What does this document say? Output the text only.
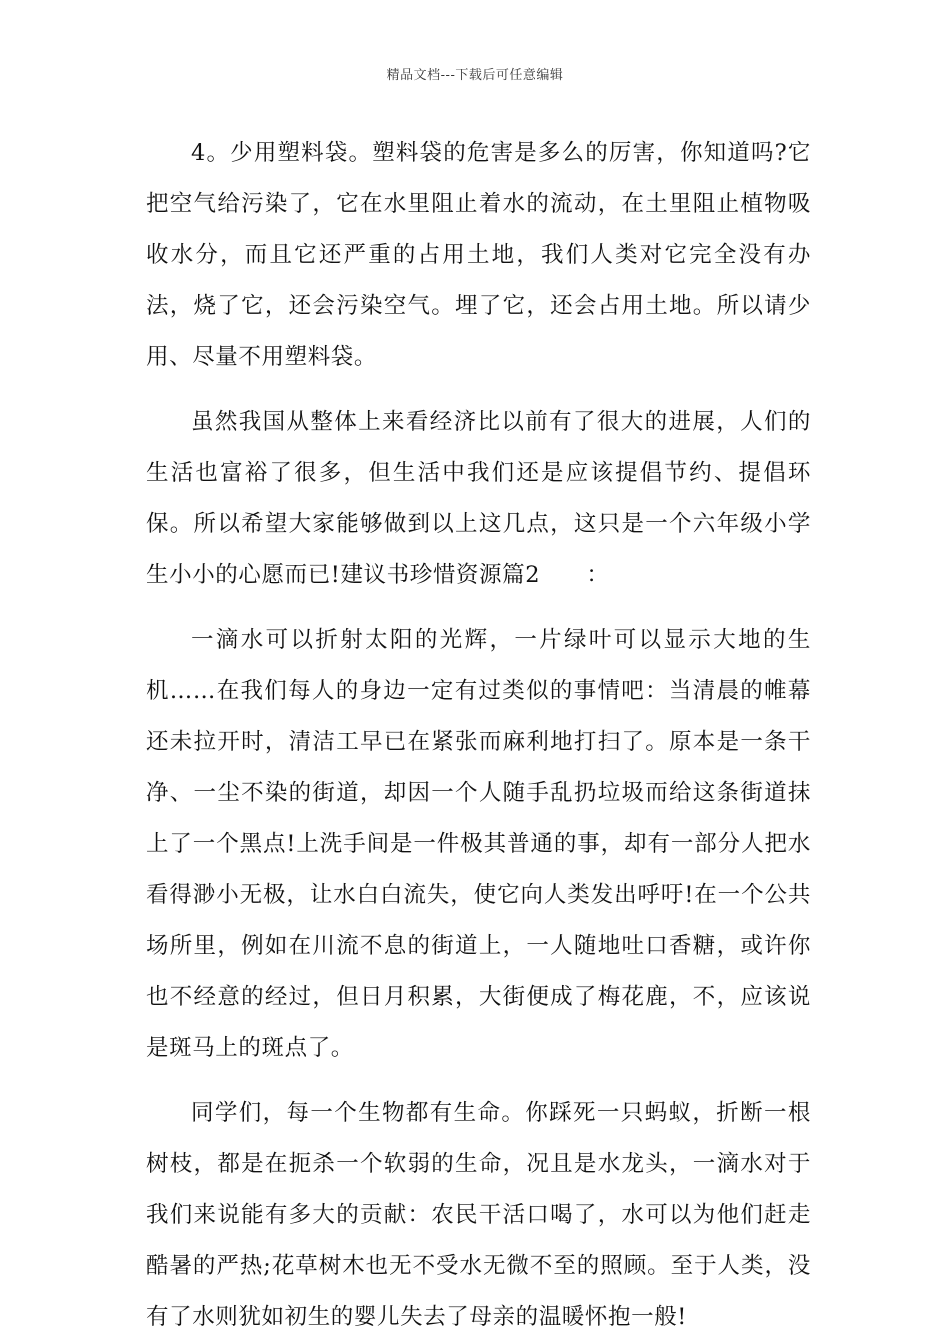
精品文档---下载后可任意编辑

4。少用塑料袋。塑料袋的危害是多么的厉害，你知道吗?它把空气给污染了，它在水里阻止着水的流动，在土里阻止植物吸收水分，而且它还严重的占用土地，我们人类对它完全没有办法，烧了它，还会污染空气。埋了它，还会占用土地。所以请少用、尽量不用塑料袋。

虽然我国从整体上来看经济比以前有了很大的进展，人们的生活也富裕了很多，但生活中我们还是应该提倡节约、提倡环保。所以希望大家能够做到以上这几点，这只是一个六年级小学生小小的心愿而已!建议书珍惜资源篇2　　：

一滴水可以折射太阳的光辉，一片绿叶可以显示大地的生机……在我们每人的身边一定有过类似的事情吧：当清晨的帷幕还未拉开时，清洁工早已在紧张而麻利地打扫了。原本是一条干净、一尘不染的街道，却因一个人随手乱扔垃圾而给这条街道抹上了一个黑点!上洗手间是一件极其普通的事，却有一部分人把水看得渺小无极，让水白白流失，使它向人类发出呼吁!在一个公共场所里，例如在川流不息的街道上，一人随地吐口香糖，或许你也不经意的经过，但日月积累，大街便成了梅花鹿，不，应该说是斑马上的斑点了。

同学们，每一个生物都有生命。你踩死一只蚂蚁，折断一根树枝，都是在扼杀一个软弱的生命，况且是水龙头，一滴水对于我们来说能有多大的贡献：农民干活口喝了，水可以为他们赶走酷暑的严热;花草树木也无不受水无微不至的照顾。至于人类，没有了水则犹如初生的婴儿失去了母亲的温暖怀抱一般!
